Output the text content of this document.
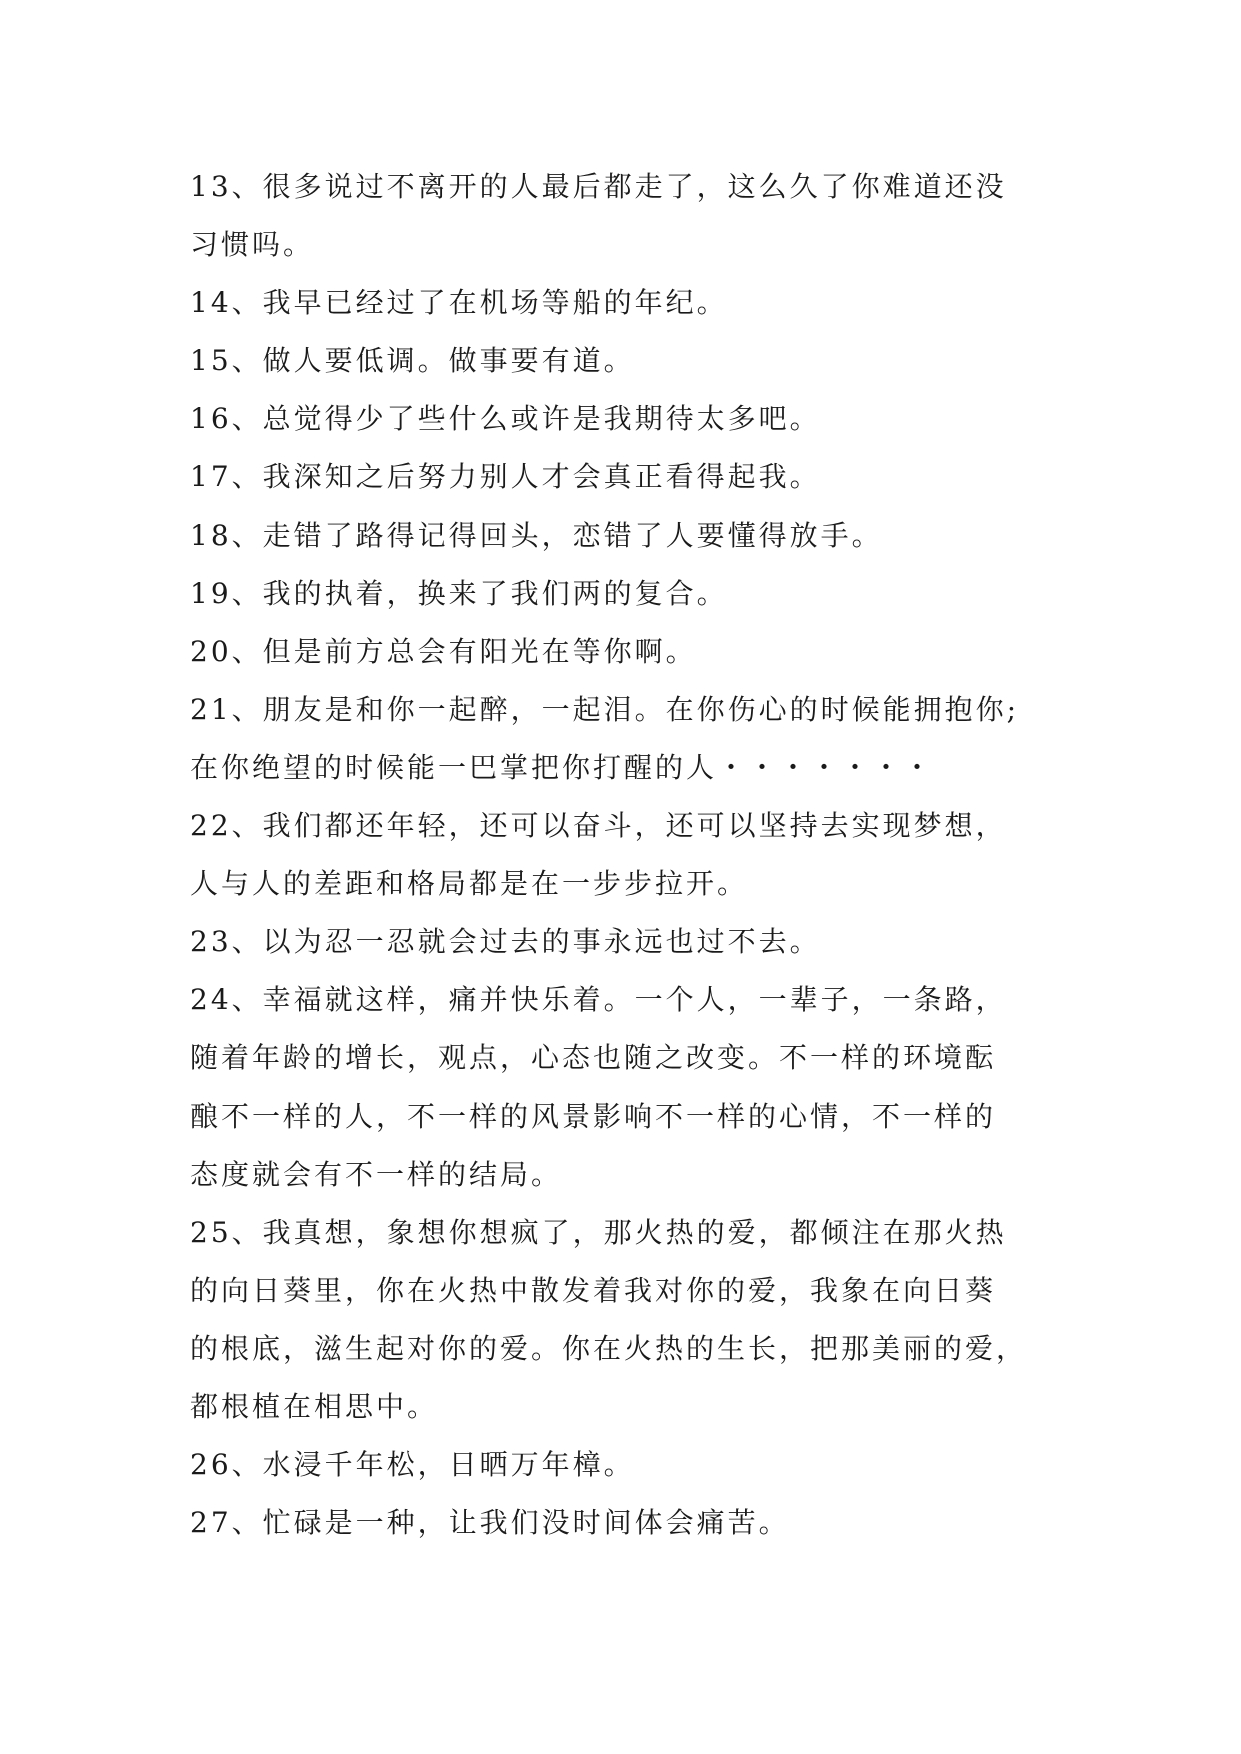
13、很多说过不离开的人最后都走了，这么久了你难道还没
习惯吗。
14、我早已经过了在机场等船的年纪。
15、做人要低调。做事要有道。
16、总觉得少了些什么或许是我期待太多吧。
17、我深知之后努力别人才会真正看得起我。
18、走错了路得记得回头，恋错了人要懂得放手。
19、我的执着，换来了我们两的复合。
20、但是前方总会有阳光在等你啊。
21、朋友是和你一起醉，一起泪。在你伤心的时候能拥抱你;
在你绝望的时候能一巴掌把你打醒的人・・・・・・・
22、我们都还年轻，还可以奋斗，还可以坚持去实现梦想，
人与人的差距和格局都是在一步步拉开。
23、以为忍一忍就会过去的事永远也过不去。
24、幸福就这样，痛并快乐着。一个人，一辈子，一条路，
随着年龄的增长，观点，心态也随之改变。不一样的环境酝
酿不一样的人，不一样的风景影响不一样的心情，不一样的
态度就会有不一样的结局。
25、我真想，象想你想疯了，那火热的爱，都倾注在那火热
的向日葵里，你在火热中散发着我对你的爱，我象在向日葵
的根底，滋生起对你的爱。你在火热的生长，把那美丽的爱，
都根植在相思中。
26、水浸千年松，日晒万年樟。
27、忙碌是一种，让我们没时间体会痛苦。
